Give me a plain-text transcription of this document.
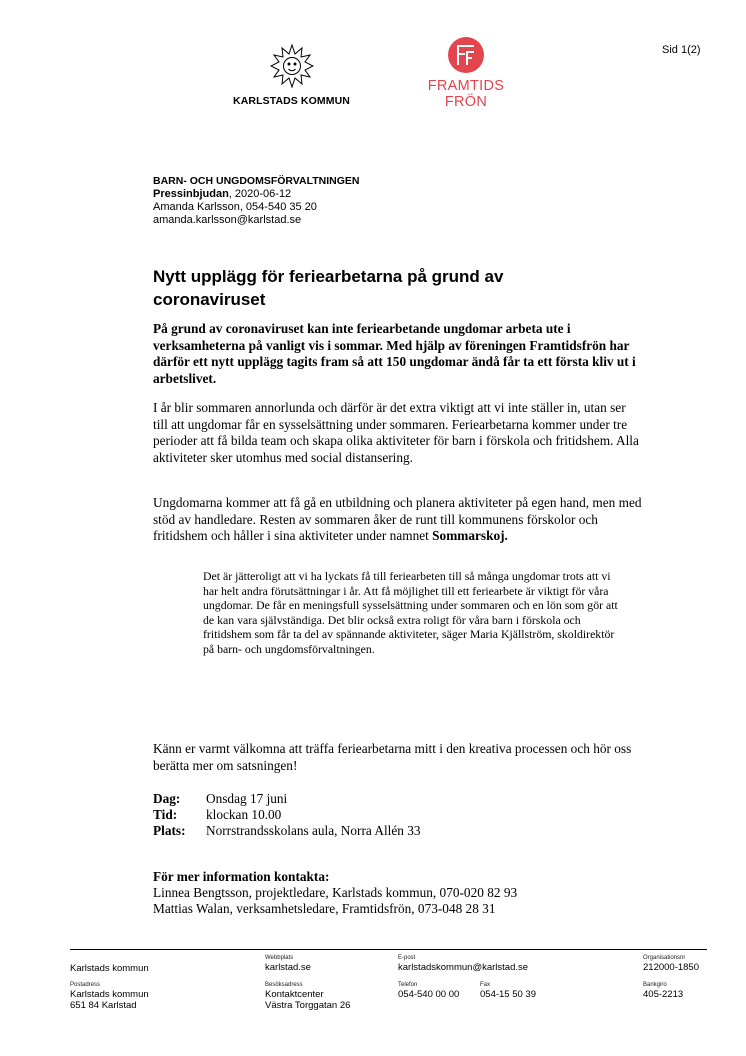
Sid 1(2)
KARLSTADS KOMMUN
FRAMTIDS
FRÖN
BARN- OCH UNGDOMSFÖRVALTNINGEN
Pressinbjudan, 2020-06-12
Amanda Karlsson, 054-540 35 20
amanda.karlsson@karlstad.se
Nytt upplägg för feriearbetarna på grund av coronaviruset
På grund av coronaviruset kan inte feriearbetande ungdomar arbeta ute i verksamheterna på vanligt vis i sommar. Med hjälp av föreningen Framtidsfrön har därför ett nytt upplägg tagits fram så att 150 ungdomar ändå får ta ett första kliv ut i arbetslivet.
I år blir sommaren annorlunda och därför är det extra viktigt att vi inte ställer in, utan ser till att ungdomar får en sysselsättning under sommaren. Feriearbetarna kommer under tre perioder att få bilda team och skapa olika aktiviteter för barn i förskola och fritidshem. Alla aktiviteter sker utomhus med social distansering.
Ungdomarna kommer att få gå en utbildning och planera aktiviteter på egen hand, men med stöd av handledare. Resten av sommaren åker de runt till kommunens förskolor och fritidshem och håller i sina aktiviteter under namnet Sommarskoj.
Det är jätteroligt att vi ha lyckats få till feriearbeten till så många ungdomar trots att vi har helt andra förutsättningar i år. Att få möjlighet till ett feriearbete är viktigt för våra ungdomar. De får en meningsfull sysselsättning under sommaren och en lön som gör att de kan vara självständiga. Det blir också extra roligt för våra barn i förskola och fritidshem som får ta del av spännande aktiviteter, säger Maria Kjällström, skoldirektör på barn- och ungdomsförvaltningen.
Känn er varmt välkomna att träffa feriearbetarna mitt i den kreativa processen och hör oss berätta mer om satsningen!
Dag:	Onsdag 17 juni
Tid:	klockan 10.00
Plats:	Norrstrandsskolans aula, Norra Allén 33
För mer information kontakta:
Linnea Bengtsson, projektledare, Karlstads kommun, 070-020 82 93
Mattias Walan, verksamhetsledare, Framtidsfrön, 073-048 28 31
Karlstads kommun
Webbplats
karlstad.se
E-post
karlstadskommun@karlstad.se
Organisationsnr
212000-1850
Postadress
Karlstads kommun
651 84 Karlstad
Besöksadress
Kontaktcenter
Västra Torggatan 26
Telefon
054-540 00 00
Fax
054-15 50 39
Bankgiro
405-2213
